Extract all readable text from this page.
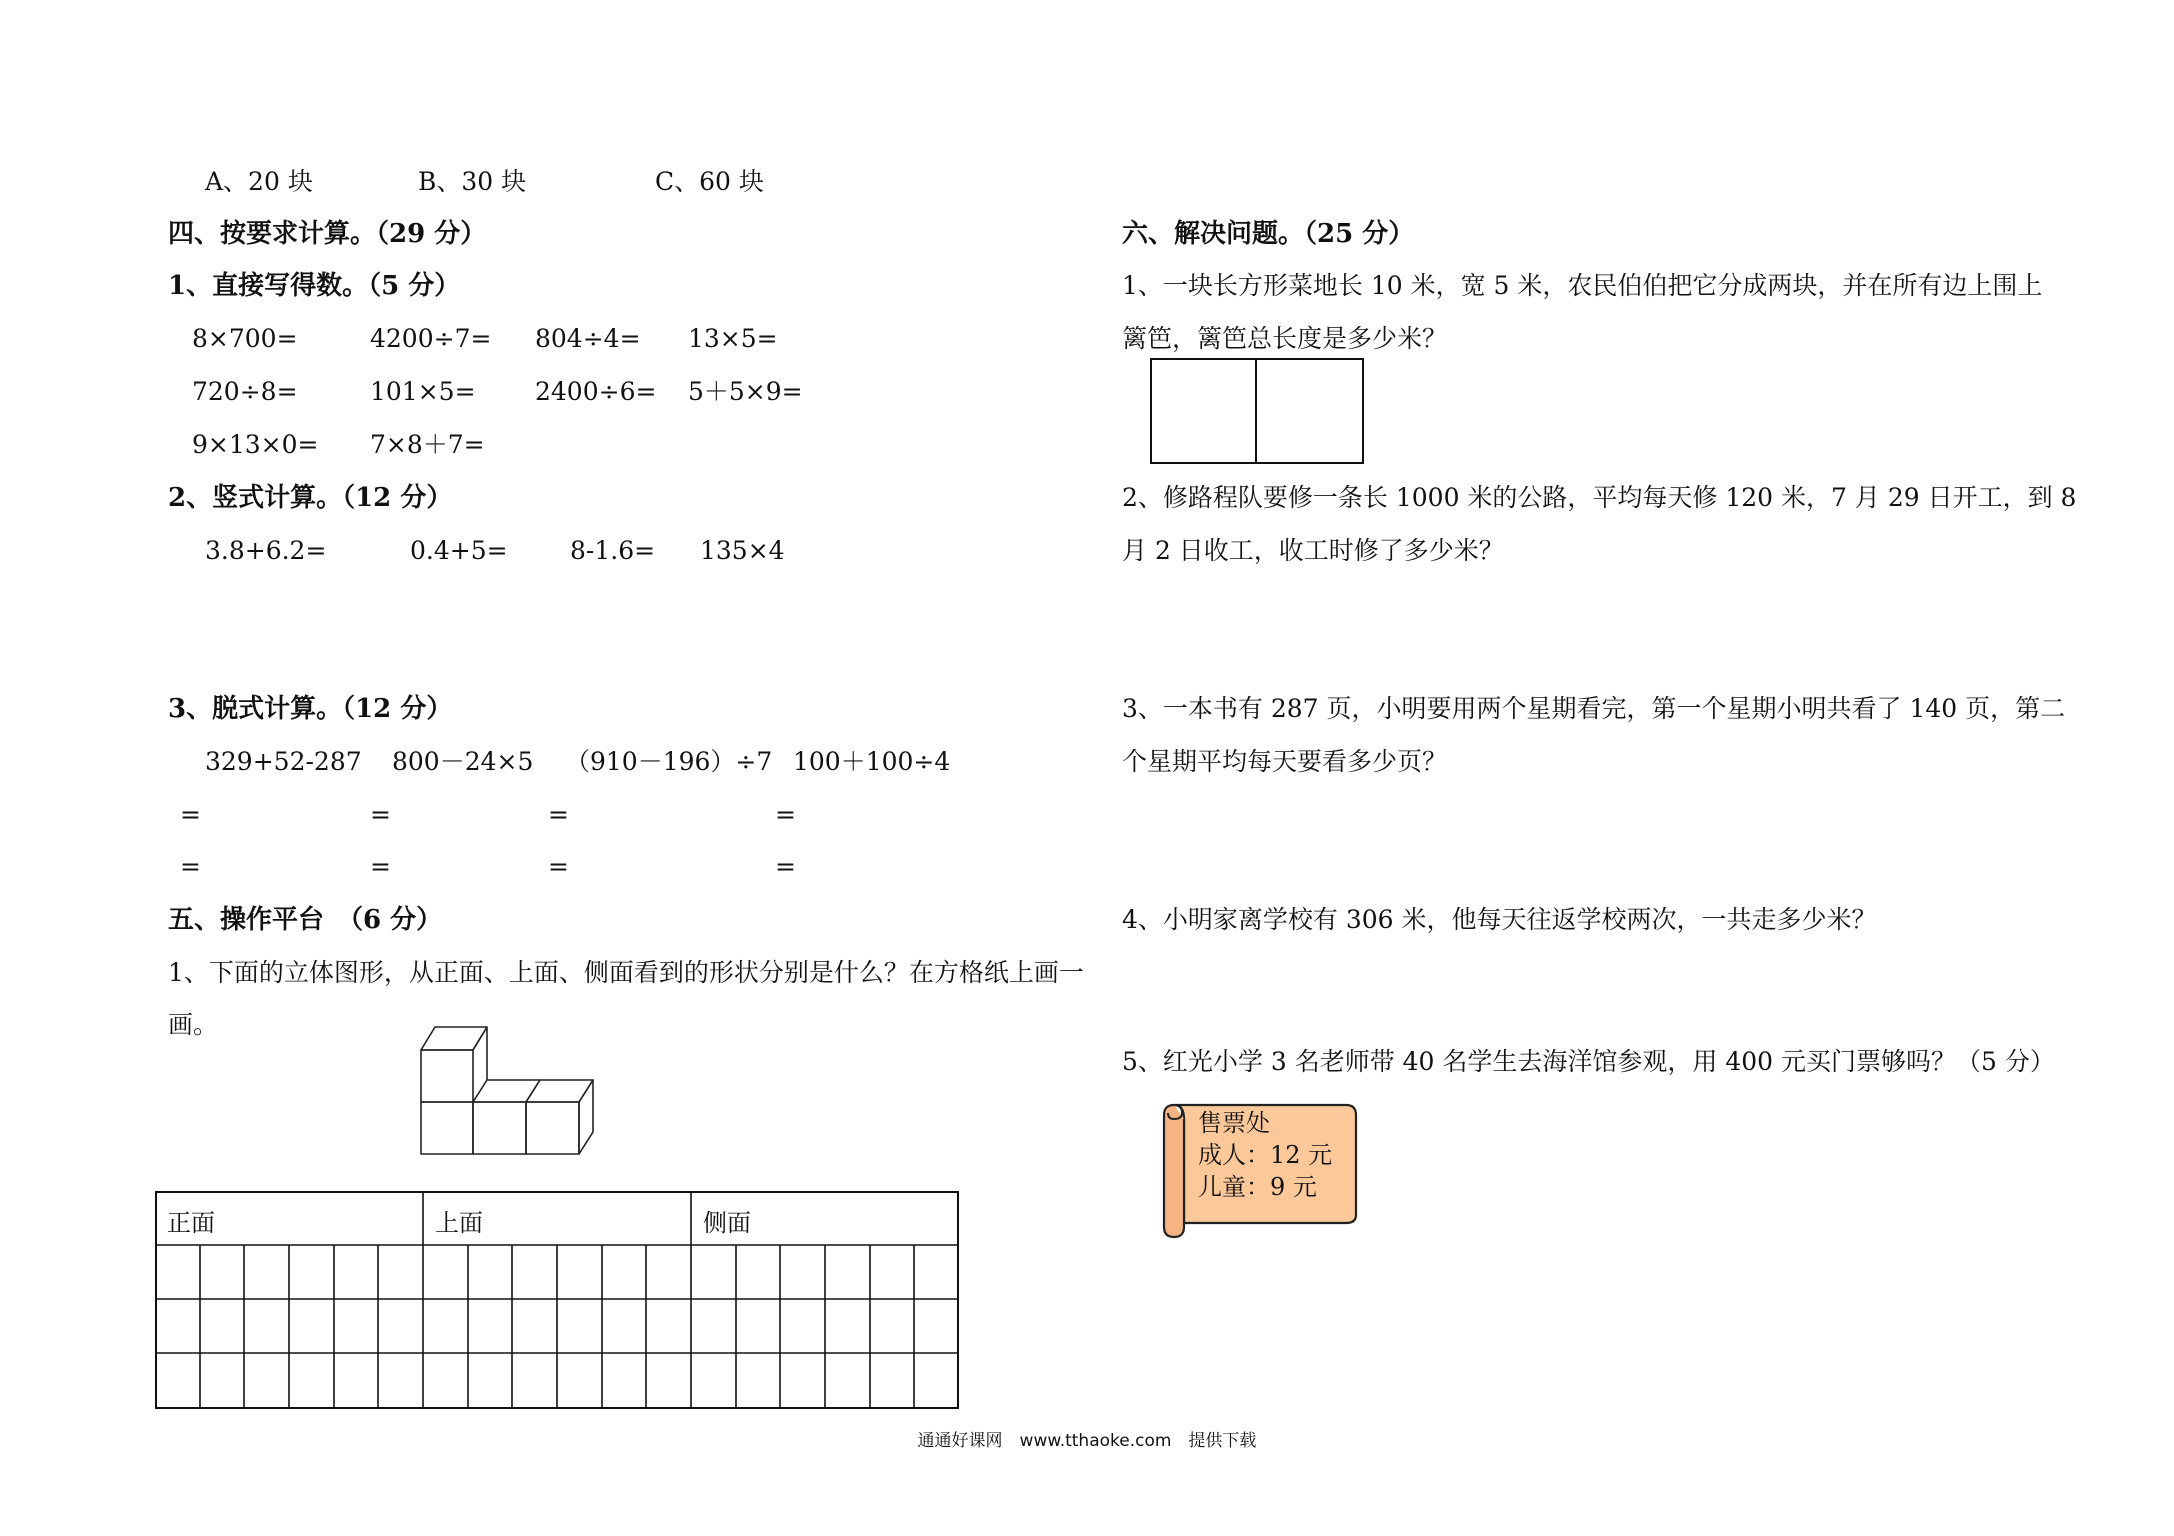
A、20 块	B、30 块	C、60 块
四、按要求计算。（29 分）
1、直接写得数。（5 分）
8×700=	4200÷7= 804÷4= 13×5=
720÷8=	101×5= 2400÷6= 5＋5×9=
9×13×0= 7×8＋7=
2、竖式计算。（12 分）
3.8+6.2=	0.4+5= 8-1.6= 135×4
3、脱式计算。（12 分）
329+52-287 800－24×5 （910－196）÷7 100＋100÷4
=	=	=	=
=	=	=	=
五、操作平台　（6 分）
1、下面的立体图形，从正面、上面、侧面看到的形状分别是什么？在方格纸上画一
画。
正面	上面	侧面
六、解决问题。（25 分）
1、一块长方形菜地长 10 米，宽 5 米，农民伯伯把它分成两块，并在所有边上围上
篱笆，篱笆总长度是多少米？
2、修路程队要修一条长 1000 米的公路，平均每天修 120 米，7 月 29 日开工，到 8
月 2 日收工，收工时修了多少米？
3、一本书有 287 页，小明要用两个星期看完，第一个星期小明共看了 140 页，第二
个星期平均每天要看多少页？
4、小明家离学校有 306 米，他每天往返学校两次，一共走多少米？
5、红光小学 3 名老师带 40 名学生去海洋馆参观，用 400 元买门票够吗？（5 分）
售票处
成人：12 元
儿童：9 元
通通好课网　www.tthaoke.com　提供下载
